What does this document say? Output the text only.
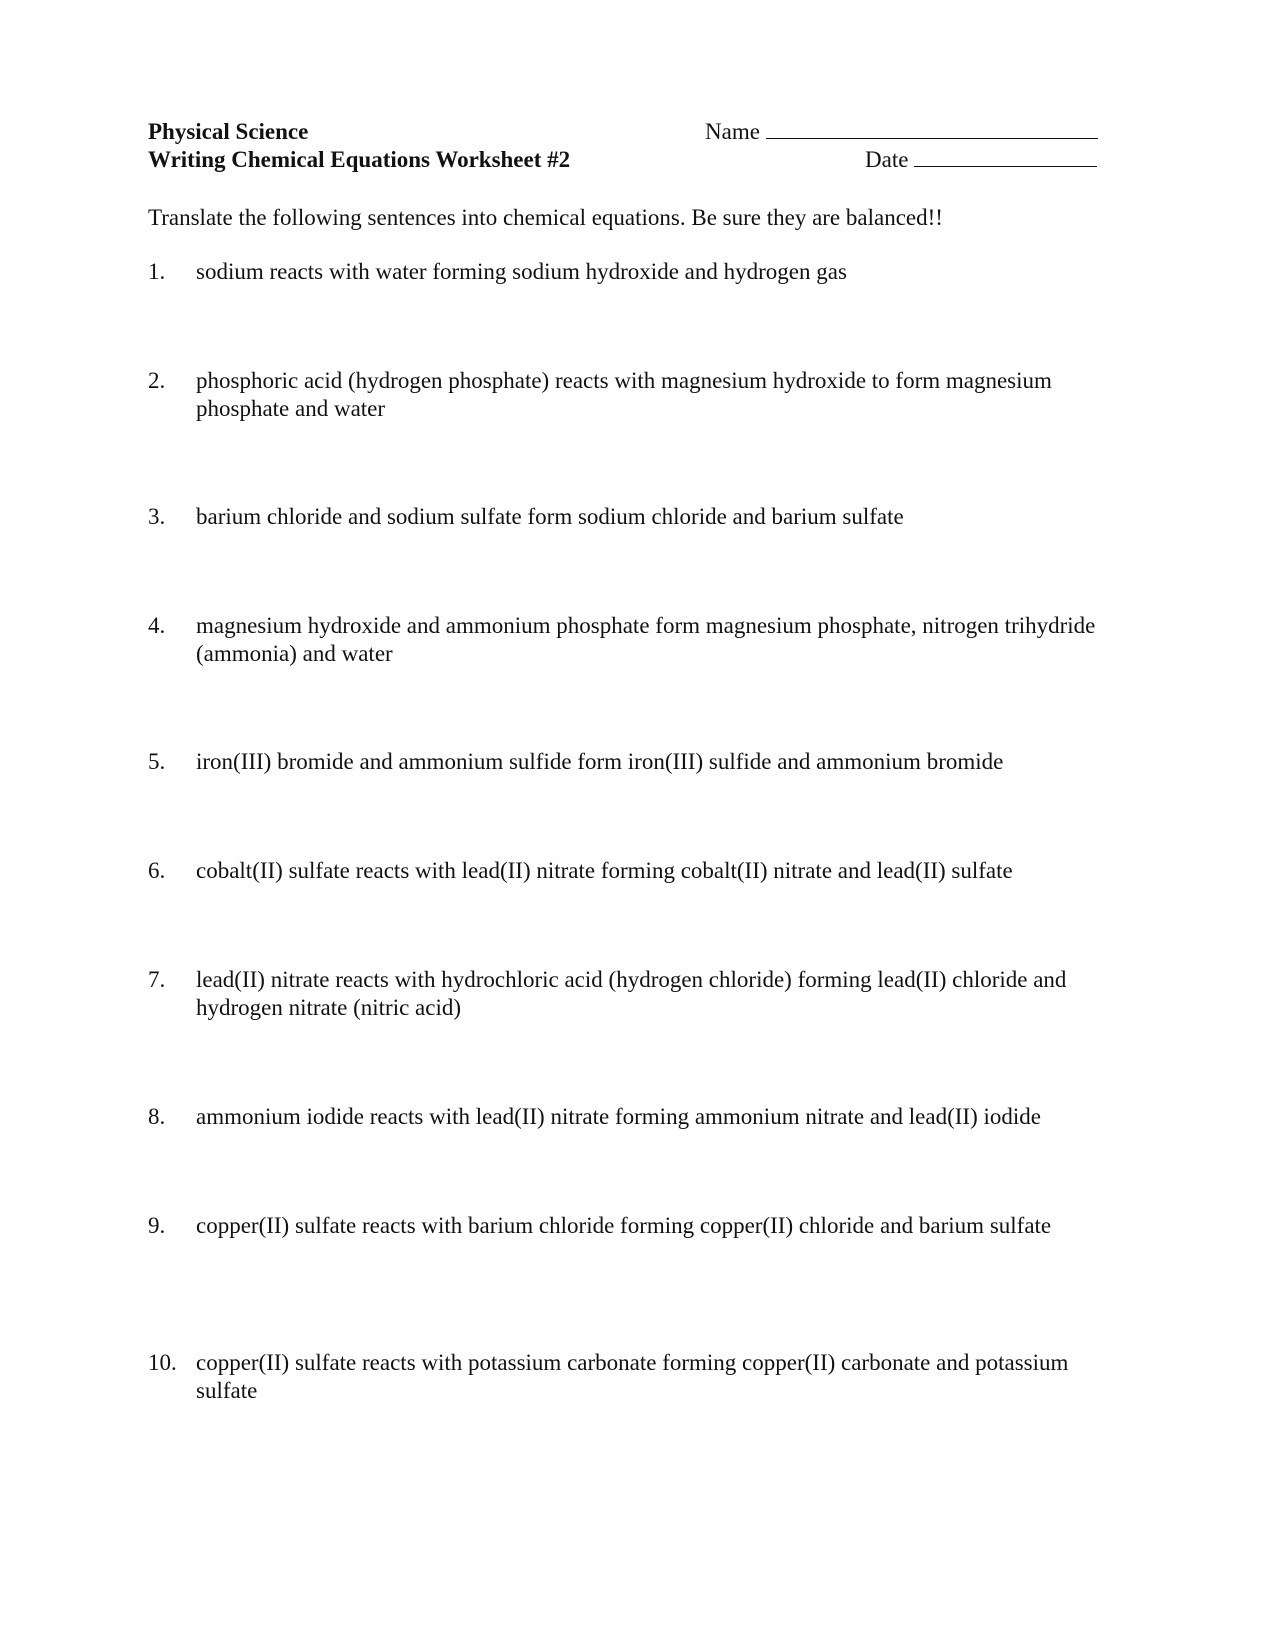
Physical Science
Writing Chemical Equations Worksheet #2
Name
Date
Translate the following sentences into chemical equations. Be sure they are balanced!!
1. sodium reacts with water forming sodium hydroxide and hydrogen gas
2. phosphoric acid (hydrogen phosphate) reacts with magnesium hydroxide to form magnesium phosphate and water
3. barium chloride and sodium sulfate form sodium chloride and barium sulfate
4. magnesium hydroxide and ammonium phosphate form magnesium phosphate, nitrogen trihydride (ammonia) and water
5. iron(III) bromide and ammonium sulfide form iron(III) sulfide and ammonium bromide
6. cobalt(II) sulfate reacts with lead(II) nitrate forming cobalt(II) nitrate and lead(II) sulfate
7. lead(II) nitrate reacts with hydrochloric acid (hydrogen chloride) forming lead(II) chloride and hydrogen nitrate (nitric acid)
8. ammonium iodide reacts with lead(II) nitrate forming ammonium nitrate and lead(II) iodide
9. copper(II) sulfate reacts with barium chloride forming copper(II) chloride and barium sulfate
10. copper(II) sulfate reacts with potassium carbonate forming copper(II) carbonate and potassium sulfate
